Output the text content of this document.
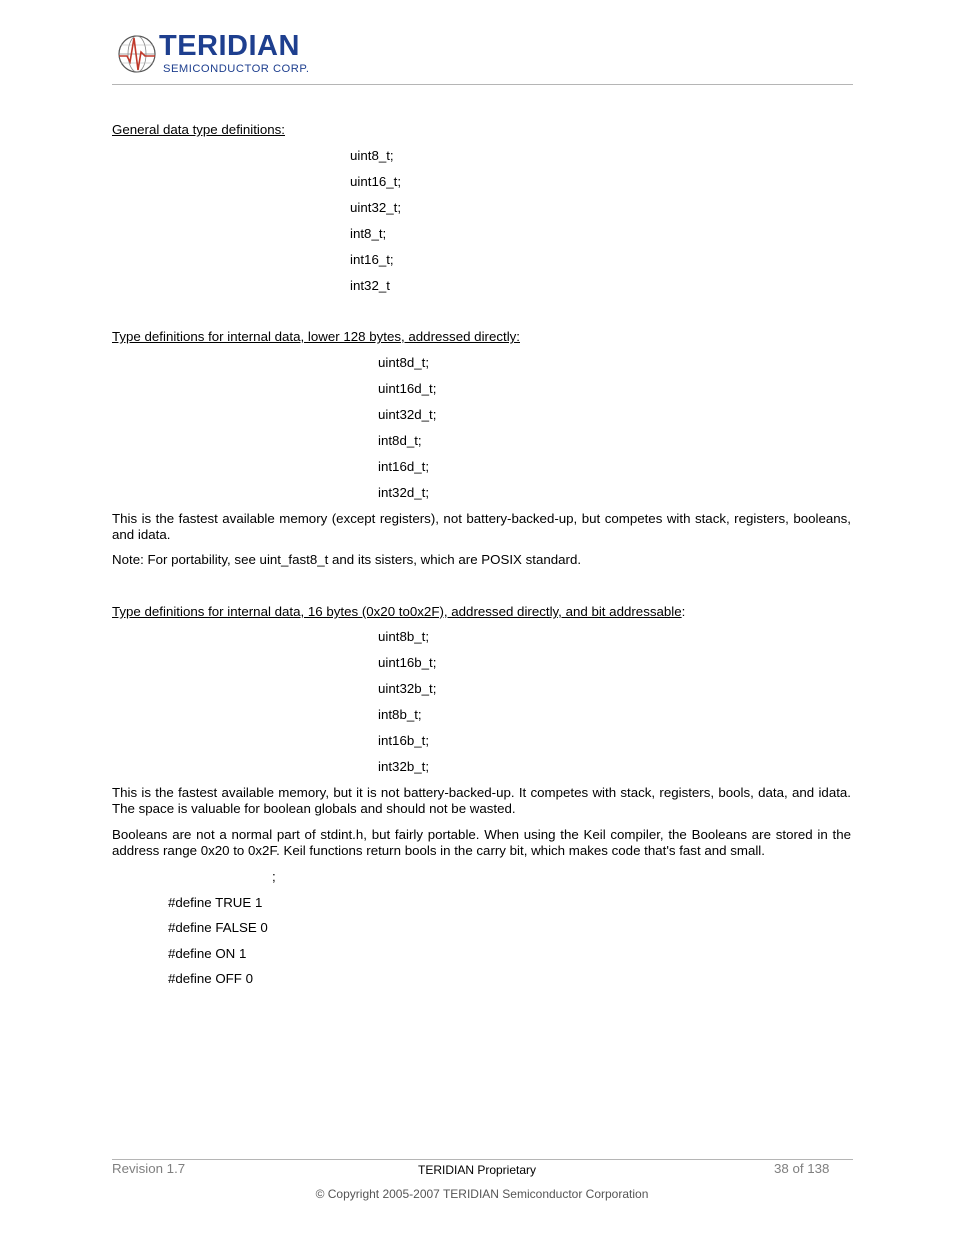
TERIDIAN
SEMICONDUCTOR CORP.
General data type definitions:
uint8_t;
uint16_t;
uint32_t;
int8_t;
int16_t;
int32_t
Type definitions for internal data, lower 128 bytes, addressed directly:
uint8d_t;
uint16d_t;
uint32d_t;
int8d_t;
int16d_t;
int32d_t;
This is the fastest available memory (except registers), not battery-backed-up, but competes with stack, registers, booleans, and idata.
Note: For portability, see uint_fast8_t and its sisters, which are POSIX standard.
Type definitions for internal data, 16 bytes (0x20 to0x2F), addressed directly, and bit addressable:
uint8b_t;
uint16b_t;
uint32b_t;
int8b_t;
int16b_t;
int32b_t;
This is the fastest available memory, but it is not battery-backed-up. It competes with stack, registers, bools, data, and idata. The space is valuable for boolean globals and should not be wasted.
Booleans are not a normal part of stdint.h, but fairly portable. When using the Keil compiler, the Booleans are stored in the address range 0x20 to 0x2F. Keil functions return bools in the carry bit, which makes code that's fast and small.
;
#define TRUE 1
#define FALSE 0
#define ON 1
#define OFF 0
Revision 1.7	TERIDIAN Proprietary	38 of 138
© Copyright 2005-2007 TERIDIAN Semiconductor Corporation
